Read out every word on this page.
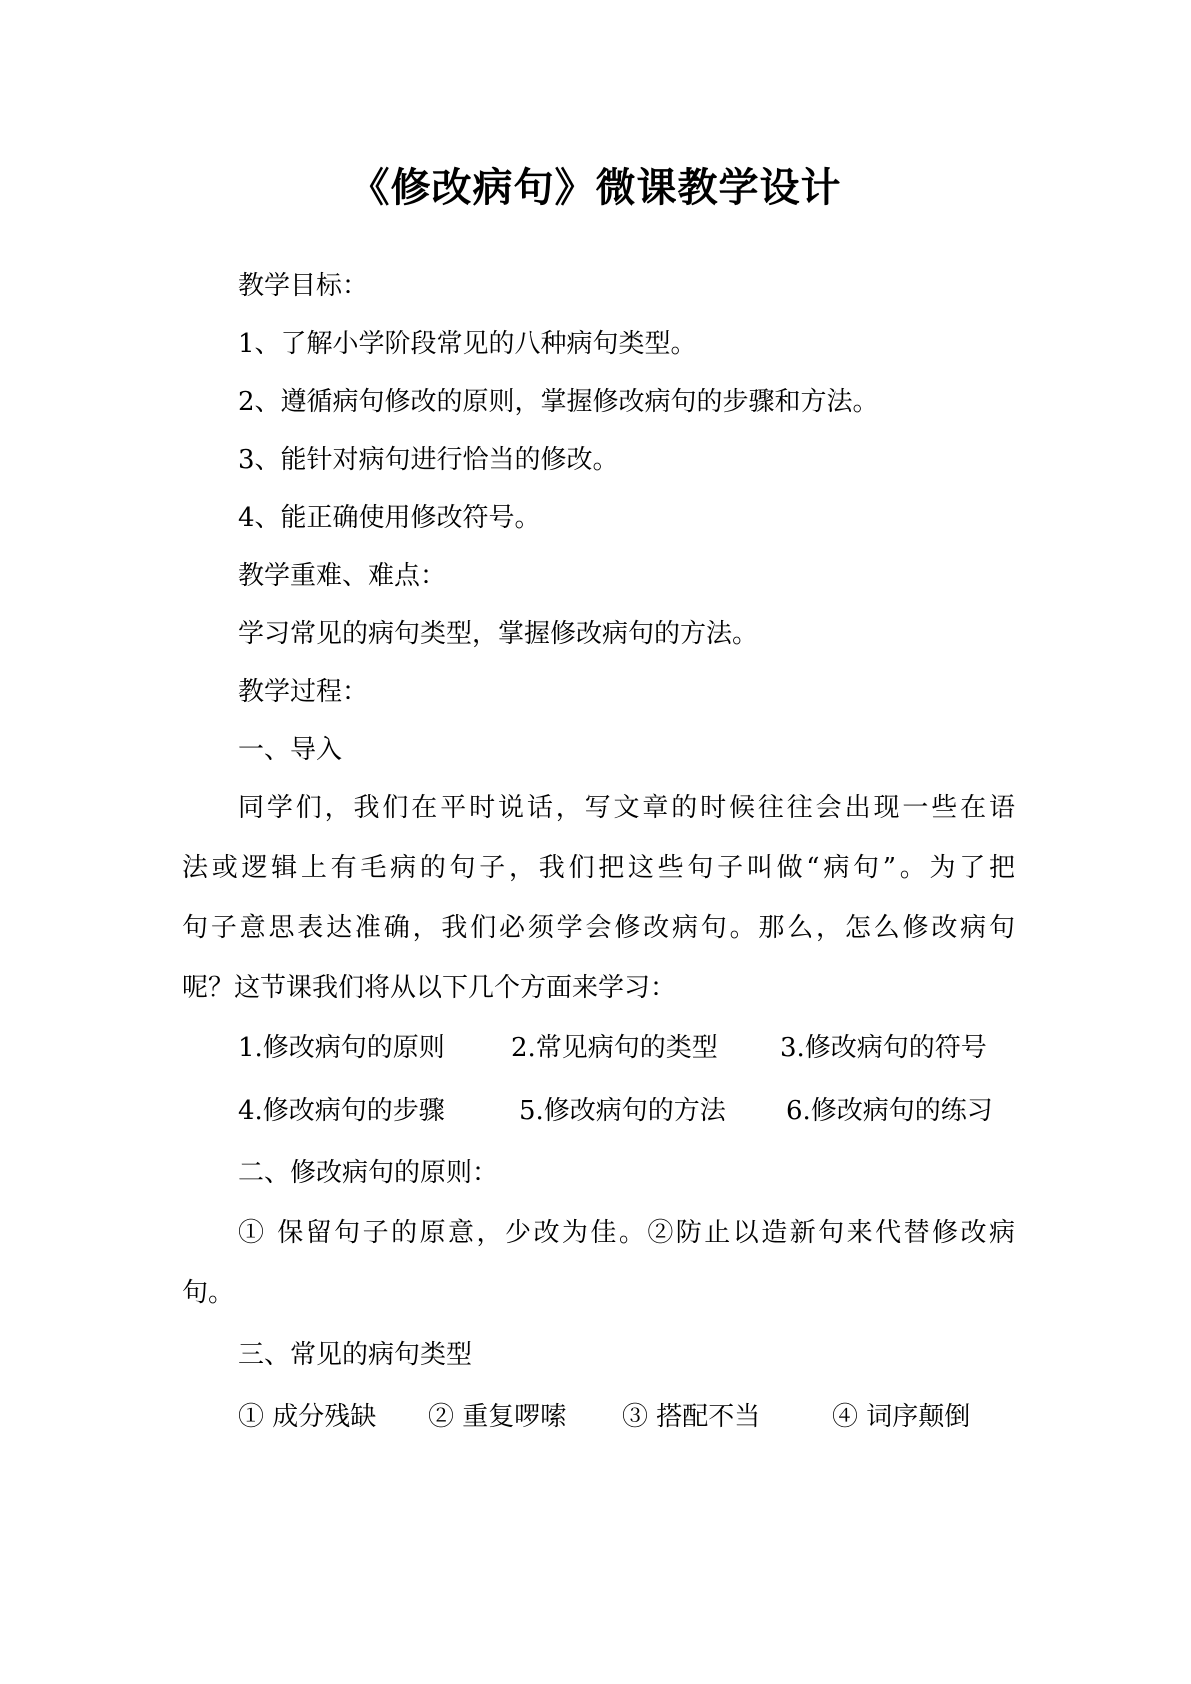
《修改病句》微课教学设计
教学目标：
1、了解小学阶段常见的八种病句类型。
2、遵循病句修改的原则，掌握修改病句的步骤和方法。
3、能针对病句进行恰当的修改。
4、能正确使用修改符号。
教学重难、难点：
学习常见的病句类型，掌握修改病句的方法。
教学过程：
一、导入
同学们，我们在平时说话，写文章的时候往往会出现一些在语
法或逻辑上有毛病的句子，我们把这些句子叫做“病句”。为了把
句子意思表达准确，我们必须学会修改病句。那么，怎么修改病句
呢？这节课我们将从以下几个方面来学习：
1.修改病句的原则	2.常见病句的类型 3.修改病句的符号
4.修改病句的步骤	5.修改病句的方法 6.修改病句的练习
二、修改病句的原则：
① 保留句子的原意，少改为佳。②防止以造新句来代替修改病
句。
三、常见的病句类型
① 成分残缺 ② 重复啰嗦 ③ 搭配不当	④ 词序颠倒
